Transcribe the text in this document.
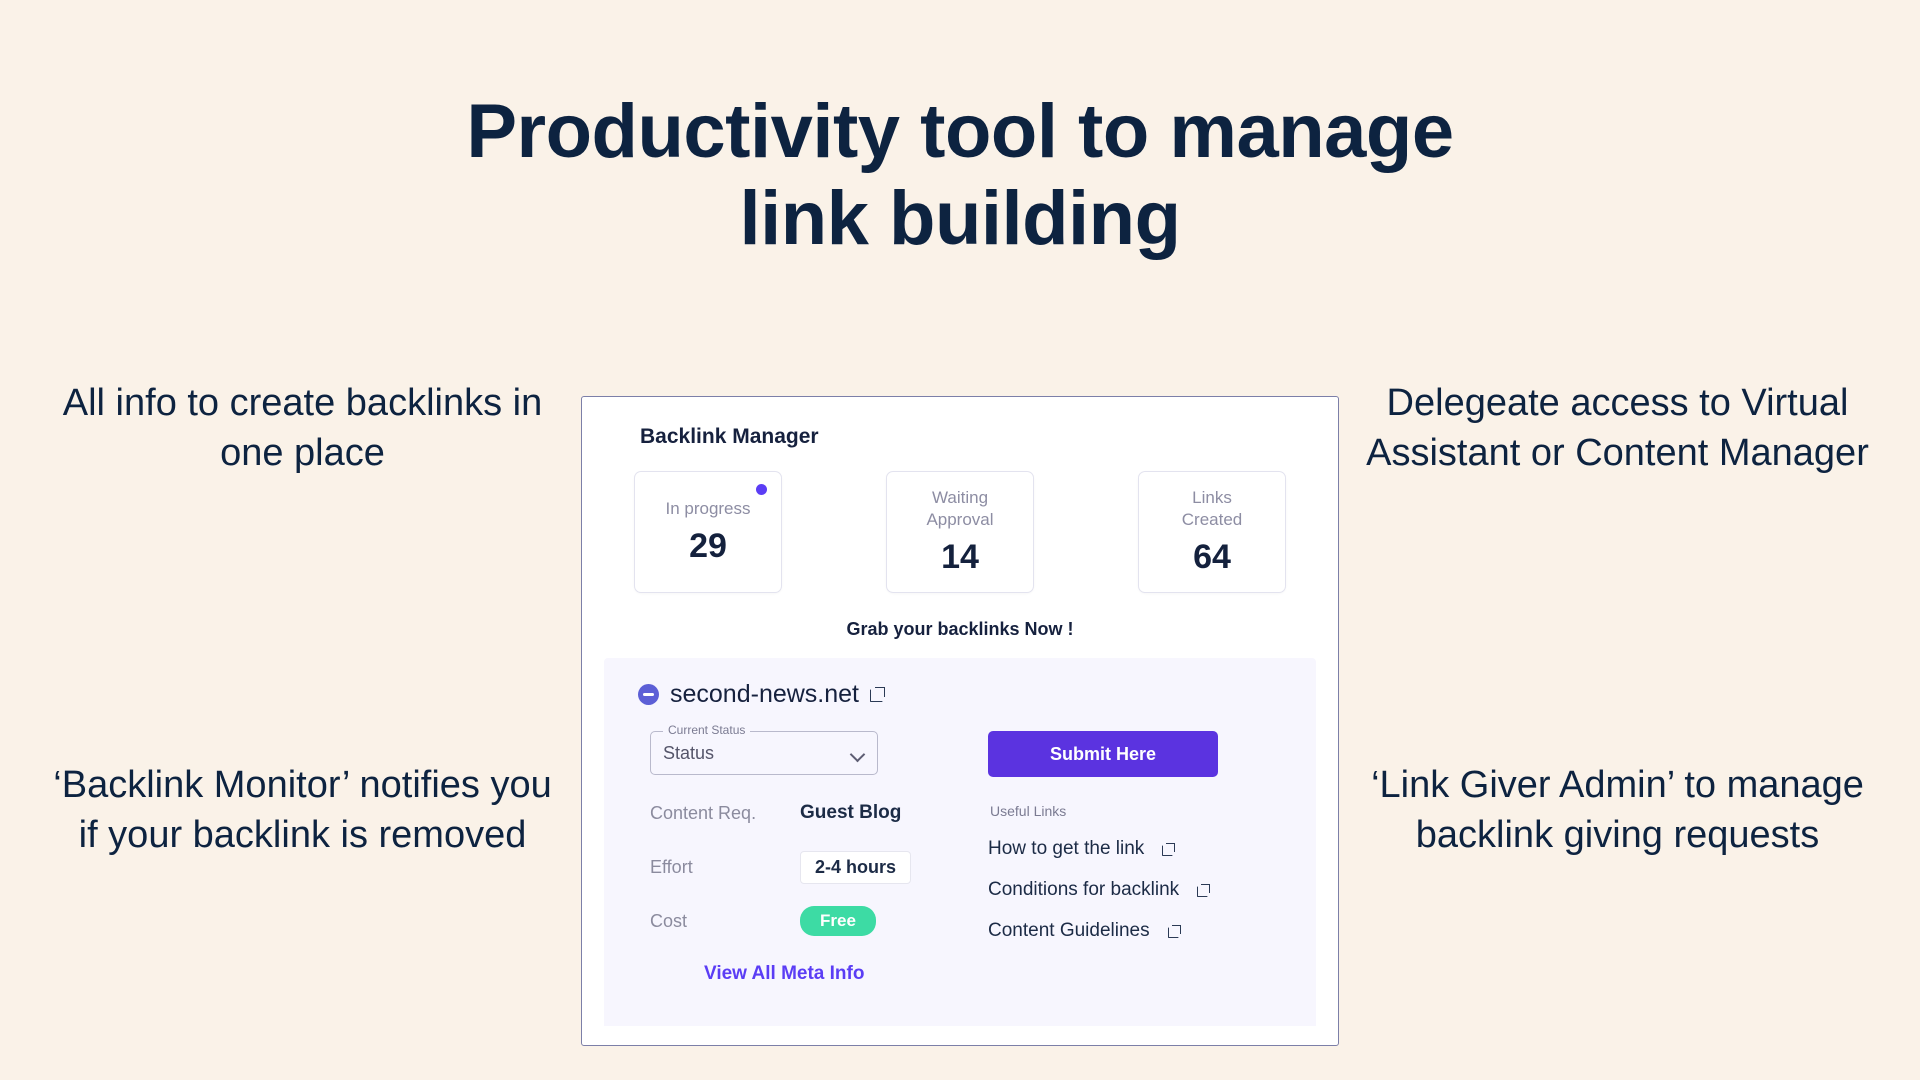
Productivity tool to manage
link building
All info to create backlinks in one place
Delegeate access to Virtual Assistant or Content Manager
‘Backlink Monitor’ notifies you if your backlink is removed
‘Link Giver Admin’ to manage backlink giving requests
Backlink Manager
In progress
29
Waiting Approval
14
Links Created
64
Grab your backlinks Now !
second-news.net
Current Status
Status
Content Req.	Guest Blog
Effort	2-4 hours
Cost	Free
View All Meta Info
Submit Here
Useful Links
How to get the link
Conditions for backlink
Content Guidelines
